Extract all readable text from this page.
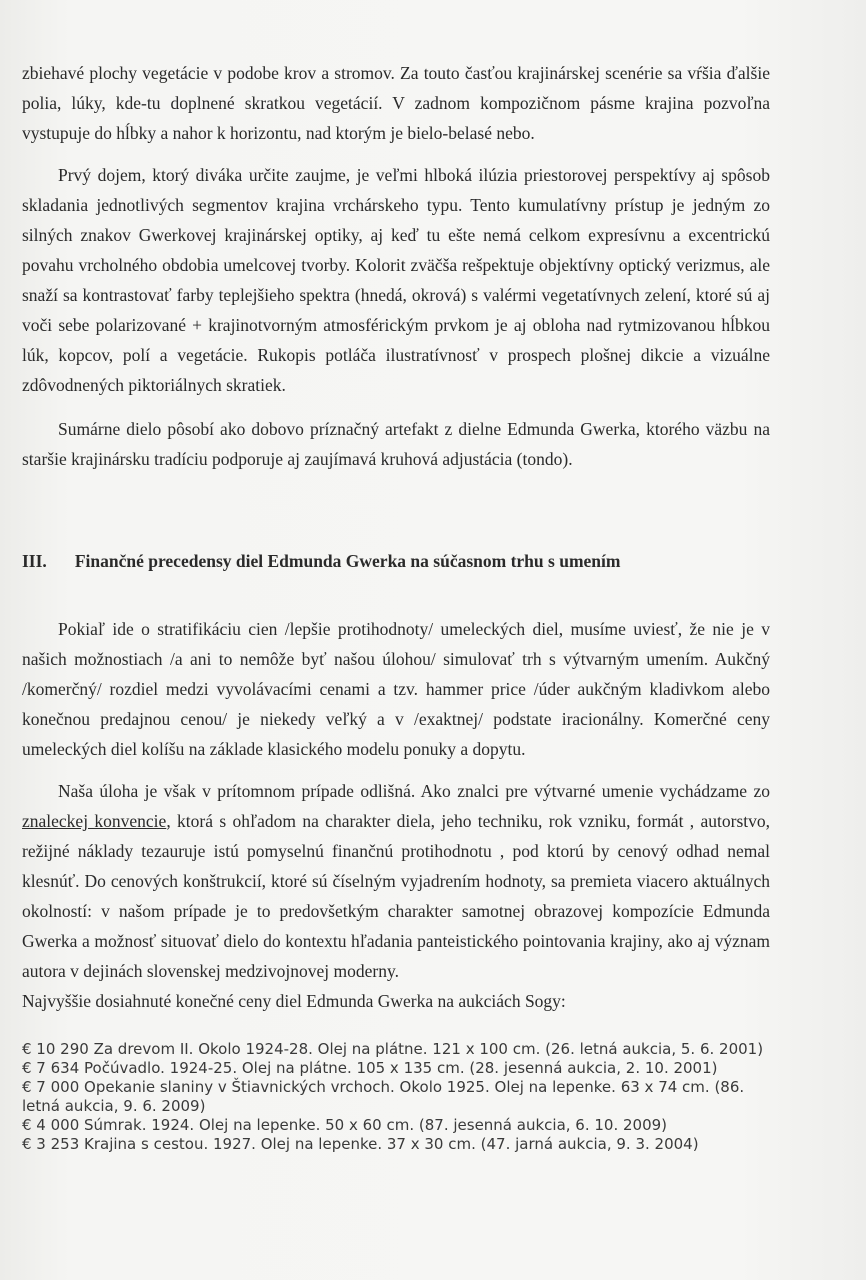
zbiehavé plochy vegetácie v podobe krov a stromov. Za touto časťou krajinárskej scenérie sa vŕšia ďalšie polia, lúky, kde-tu doplnené skratkou vegetácií. V zadnom kompozičnom pásme krajina pozvoľna vystupuje do hĺbky a nahor k horizontu, nad ktorým je bielo-belasé nebo.

Prvý dojem, ktorý diváka určite zaujme, je veľmi hlboká ilúzia priestorovej perspektívy aj spôsob skladania jednotlivých segmentov krajina vrchárskeho typu. Tento kumulatívny prístup je jedným zo silných znakov Gwerkovej krajinárskej optiky, aj keď tu ešte nemá celkom expresívnu a excentrickú povahu vrcholného obdobia umelcovej tvorby. Kolorit zväčša rešpektuje objektívny optický verizmus, ale snaží sa kontrastovať farby teplejšieho spektra (hnedá, okrová) s valérmi vegetatívnych zelení, ktoré sú aj voči sebe polarizované + krajinotvorným atmosférickým prvkom je aj obloha nad rytmizovanou hĺbkou lúk, kopcov, polí a vegetácie. Rukopis potláča ilustratívnosť v prospech plošnej dikcie a vizuálne zdôvodnených piktoriálnych skratiek.

Sumárne dielo pôsobí ako dobovo príznačný artefakt z dielne Edmunda Gwerka, ktorého väzbu na staršie krajinársku tradíciu podporuje aj zaujímavá kruhová adjustácia (tondo).

III. Finančné precedensy diel Edmunda Gwerka na súčasnom trhu s umením

Pokiaľ ide o stratifikáciu cien /lepšie protihodnoty/ umeleckých diel, musíme uviesť, že nie je v našich možnostiach /a ani to nemôže byť našou úlohou/ simulovať trh s výtvarným umením. Aukčný /komerčný/ rozdiel medzi vyvolávacími cenami a tzv. hammer price /úder aukčným kladivkom alebo konečnou predajnou cenou/ je niekedy veľký a v /exaktnej/ podstate iracionálny. Komerčné ceny umeleckých diel kolíšu na základe klasického modelu ponuky a dopytu.

Naša úloha je však v prítomnom prípade odlišná. Ako znalci pre výtvarné umenie vychádzame zo znaleckej konvencie, ktorá s ohľadom na charakter diela, jeho techniku, rok vzniku, formát , autorstvo, režijné náklady tezauruje istú pomyselnú finančnú protihodnotu , pod ktorú by cenový odhad nemal klesnúť. Do cenových konštrukcií, ktoré sú číselným vyjadrením hodnoty, sa premieta viacero aktuálnych okolností: v našom prípade je to predovšetkým charakter samotnej obrazovej kompozície Edmunda Gwerka a možnosť situovať dielo do kontextu hľadania panteistického pointovania krajiny, ako aj význam autora v dejinách slovenskej medzivojnovej moderny.

Najvyššie dosiahnuté konečné ceny diel Edmunda Gwerka na aukciách Sogy:

€ 10 290 Za drevom II. Okolo 1924-28. Olej na plátne. 121 x 100 cm. (26. letná aukcia, 5. 6. 2001)
€ 7 634 Počúvadlo. 1924-25. Olej na plátne. 105 x 135 cm. (28. jesenná aukcia, 2. 10. 2001)
€ 7 000 Opekanie slaniny v Štiavnických vrchoch. Okolo 1925. Olej na lepenke. 63 x 74 cm. (86. letná aukcia, 9. 6. 2009)
€ 4 000 Súmrak. 1924. Olej na lepenke. 50 x 60 cm. (87. jesenná aukcia, 6. 10. 2009)
€ 3 253 Krajina s cestou. 1927. Olej na lepenke. 37 x 30 cm. (47. jarná aukcia, 9. 3. 2004)
